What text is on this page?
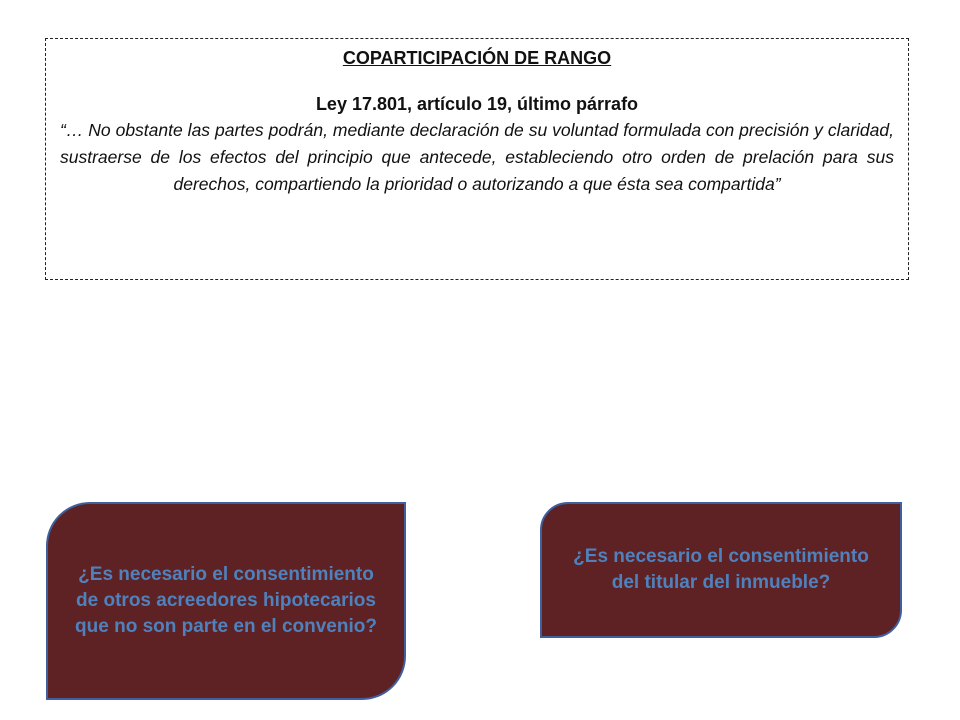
COPARTICIPACIÓN DE RANGO
Ley 17.801, artículo 19, último párrafo
“… No obstante las partes podrán, mediante declaración de su voluntad formulada con precisión y claridad, sustraerse de los efectos del principio que antecede, estableciendo otro orden de prelación para sus derechos, compartiendo la prioridad o autorizando a que ésta sea compartida”
¿Es necesario el consentimiento de otros acreedores hipotecarios que no son parte en el convenio?
¿Es necesario el consentimiento del titular del inmueble?
